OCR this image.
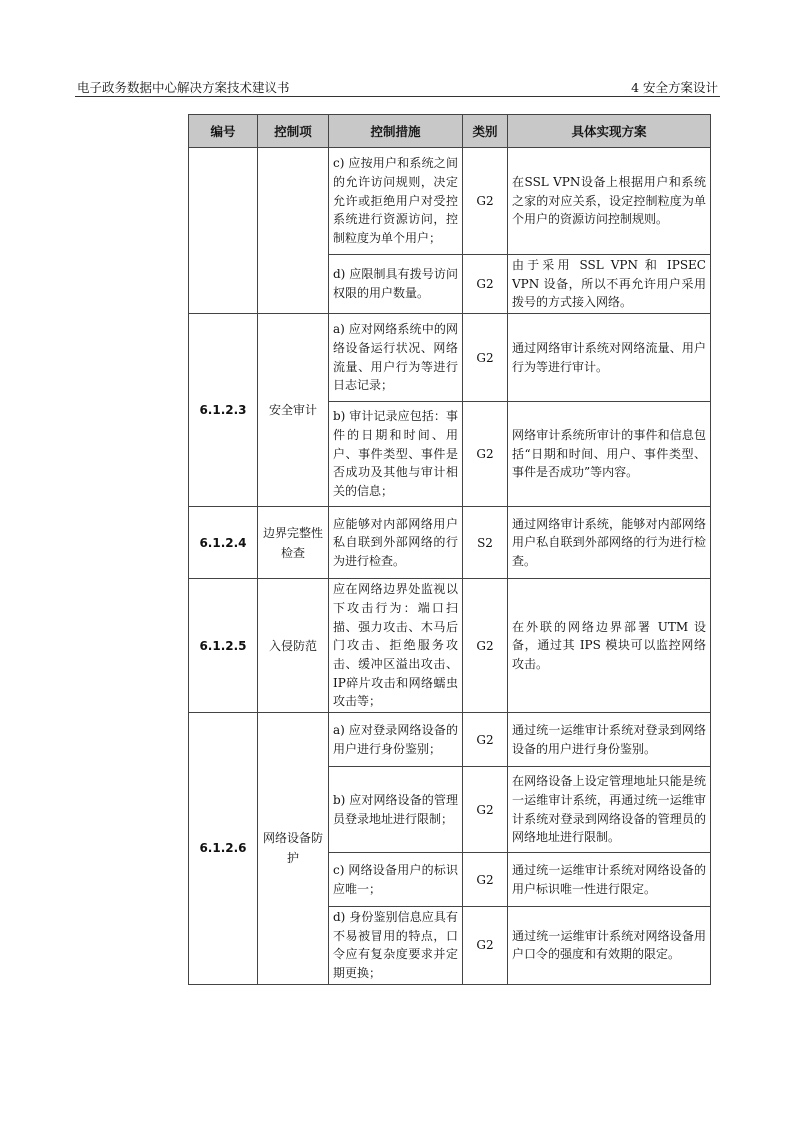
电子政务数据中心解决方案技术建议书	4 安全方案设计
编号	控制项	控制措施	类别	具体实现方案
		c) 应按用户和系统之间的允许访问规则，决定允许或拒绝用户对受控系统进行资源访问，控制粒度为单个用户；	G2	在SSL VPN设备上根据用户和系统之家的对应关系，设定控制粒度为单个用户的资源访问控制规则。
		d) 应限制具有拨号访问权限的用户数量。	G2	由于采用 SSL VPN 和 IPSEC VPN 设备，所以不再允许用户采用拨号的方式接入网络。
6.1.2.3	安全审计	a) 应对网络系统中的网络设备运行状况、网络流量、用户行为等进行日志记录；	G2	通过网络审计系统对网络流量、用户行为等进行审计。
		b) 审计记录应包括：事件的日期和时间、用户、事件类型、事件是否成功及其他与审计相关的信息；	G2	网络审计系统所审计的事件和信息包括“日期和时间、用户、事件类型、事件是否成功”等内容。
6.1.2.4	边界完整性检查	应能够对内部网络用户私自联到外部网络的行为进行检查。	S2	通过网络审计系统，能够对内部网络用户私自联到外部网络的行为进行检查。
6.1.2.5	入侵防范	应在网络边界处监视以下攻击行为：端口扫描、强力攻击、木马后门攻击、拒绝服务攻击、缓冲区溢出攻击、IP碎片攻击和网络蠕虫攻击等；	G2	在外联的网络边界部署 UTM 设备，通过其 IPS 模块可以监控网络攻击。
6.1.2.6	网络设备防护	a) 应对登录网络设备的用户进行身份鉴别；	G2	通过统一运维审计系统对登录到网络设备的用户进行身份鉴别。
		b) 应对网络设备的管理员登录地址进行限制；	G2	在网络设备上设定管理地址只能是统一运维审计系统，再通过统一运维审计系统对登录到网络设备的管理员的网络地址进行限制。
		c) 网络设备用户的标识应唯一；	G2	通过统一运维审计系统对网络设备的用户标识唯一性进行限定。
		d) 身份鉴别信息应具有不易被冒用的特点，口令应有复杂度要求并定期更换；	G2	通过统一运维审计系统对网络设备用户口令的强度和有效期的限定。
